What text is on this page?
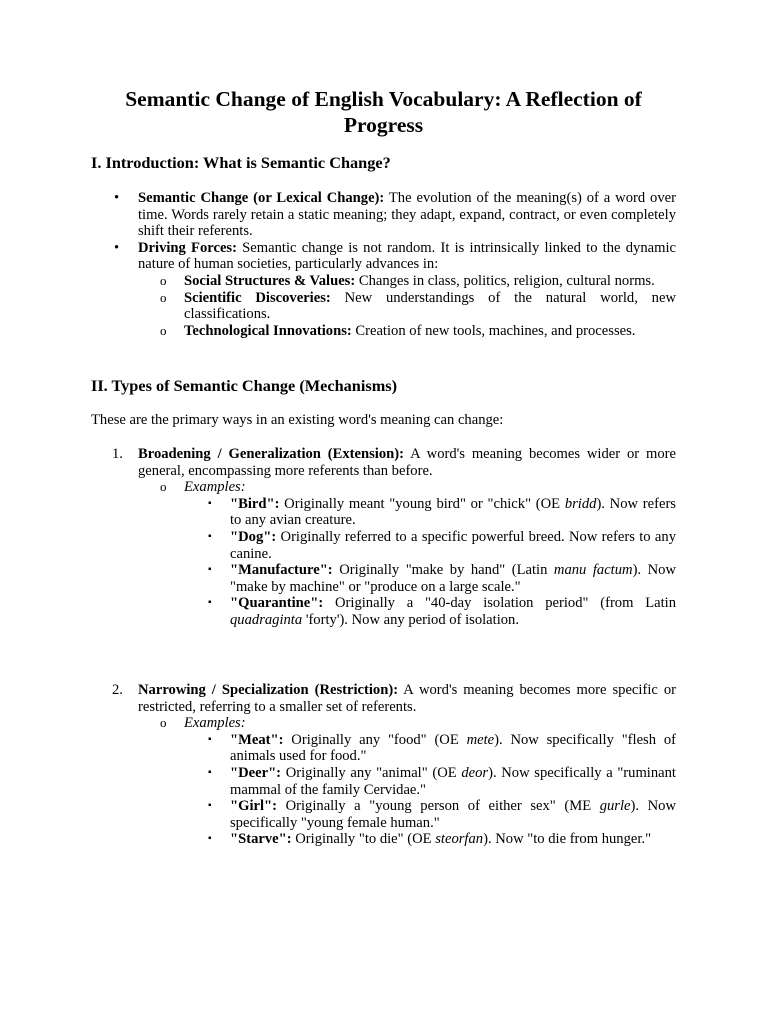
Semantic Change of English Vocabulary: A Reflection of Progress
I. Introduction: What is Semantic Change?
• Semantic Change (or Lexical Change): The evolution of the meaning(s) of a word over time. Words rarely retain a static meaning; they adapt, expand, contract, or even completely shift their referents.
• Driving Forces: Semantic change is not random. It is intrinsically linked to the dynamic nature of human societies, particularly advances in:
o Social Structures & Values: Changes in class, politics, religion, cultural norms.
o Scientific Discoveries: New understandings of the natural world, new classifications.
o Technological Innovations: Creation of new tools, machines, and processes.
II. Types of Semantic Change (Mechanisms)

These are the primary ways in an existing word's meaning can change:

1. Broadening / Generalization (Extension): A word's meaning becomes wider or more general, encompassing more referents than before.
o Examples:
▪ "Bird": Originally meant "young bird" or "chick" (OE bridd). Now refers to any avian creature.
▪ "Dog": Originally referred to a specific powerful breed. Now refers to any canine.
▪ "Manufacture": Originally "make by hand" (Latin manu factum). Now "make by machine" or "produce on a large scale."
▪ "Quarantine": Originally a "40-day isolation period" (from Latin quadraginta 'forty'). Now any period of isolation.
2. Narrowing / Specialization (Restriction): A word's meaning becomes more specific or restricted, referring to a smaller set of referents.
o Examples:
▪ "Meat": Originally any "food" (OE mete). Now specifically "flesh of animals used for food."
▪ "Deer": Originally any "animal" (OE deor). Now specifically a "ruminant mammal of the family Cervidae."
▪ "Girl": Originally a "young person of either sex" (ME gurle). Now specifically "young female human."
▪ "Starve": Originally "to die" (OE steorfan). Now "to die from hunger."
